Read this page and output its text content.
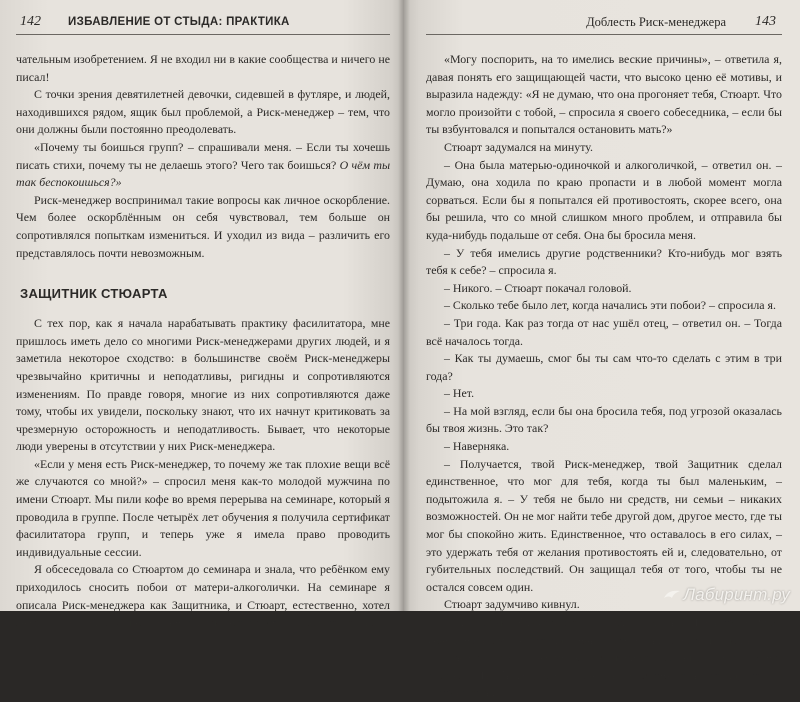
142 ИЗБАВЛЕНИЕ ОТ СТЫДА: ПРАКТИКА

чательным изобретением. Я не входил ни в какие сообщества и ничего не писал!

С точки зрения девятилетней девочки, сидевшей в футляре, и людей, находившихся рядом, ящик был проблемой, а Риск-менеджер – тем, что они должны были постоянно преодолевать.

«Почему ты боишься групп? – спрашивали меня. – Если ты хочешь писать стихи, почему ты не делаешь этого? Чего так боишься? О чём ты так беспокоишься?»

Риск-менеджер воспринимал такие вопросы как личное оскорбление. Чем более оскорблённым он себя чувствовал, тем больше он сопротивлялся попыткам измениться. И уходил из вида – различить его представлялось почти невозможным.

ЗАЩИТНИК СТЮАРТА

С тех пор, как я начала нарабатывать практику фасилитатора, мне пришлось иметь дело со многими Риск-менеджерами других людей, и я заметила некоторое сходство: в большинстве своём Риск-менеджеры чрезвычайно критичны и неподатливы, ригидны и сопротивляются изменениям. По правде говоря, многие из них сопротивляются даже тому, чтобы их увидели, поскольку знают, что их начнут критиковать за чрезмерную осторожность и неподатливость. Бывает, что некоторые люди уверены в отсутствии у них Риск-менеджера.

«Если у меня есть Риск-менеджер, то почему же так плохие вещи всё же случаются со мной?» – спросил меня как-то молодой мужчина по имени Стюарт. Мы пили кофе во время перерыва на семинаре, который я проводила в группе. После четырёх лет обучения я получила сертификат фасилитатора групп, и теперь уже я имела право проводить индивидуальные сессии.

Я обсеседовала со Стюартом до семинара и знала, что ребёнком ему приходилось сносить побои от матери-алкоголички. На семинаре я описала Риск-менеджера как Защитника, и Стюарт, естественно, хотел знать, почему Риск-менеджер не защитил его от материнских тумаков.

Доблесть Риск-менеджера 143

«Могу поспорить, на то имелись веские причины», – ответила я, давая понять его защищающей части, что высоко ценю её мотивы, и выразила надежду: «Я не думаю, что она прогоняет тебя, Стюарт. Что могло произойти с тобой, – спросила я своего собеседника, – если бы ты взбунтовался и попытался остановить мать?»

Стюарт задумался на минуту.

– Она была матерью-одиночкой и алкоголичкой, – ответил он. – Думаю, она ходила по краю пропасти и в любой момент могла сорваться. Если бы я попытался ей противостоять, скорее всего, она бы решила, что со мной слишком много проблем, и отправила бы куда-нибудь подальше от себя. Она бы бросила меня.

– У тебя имелись другие родственники? Кто-нибудь мог взять тебя к себе? – спросила я.

– Никого. – Стюарт покачал головой.

– Сколько тебе было лет, когда начались эти побои? – спросила я.

– Три года. Как раз тогда от нас ушёл отец, – ответил он. – Тогда всё началось тогда.

– Как ты думаешь, смог бы ты сам что-то сделать с этим в три года?

– Нет.

– На мой взгляд, если бы она бросила тебя, под угрозой оказалась бы твоя жизнь. Это так?

– Наверняка.

– Получается, твой Риск-менеджер, твой Защитник сделал единственное, что мог для тебя, когда ты был маленьким, – подытожила я. – У тебя не было ни средств, ни семьи – никаких возможностей. Он не мог найти тебе другой дом, другое место, где ты мог бы спокойно жить. Единственное, что оставалось в его силах, – это удержать тебя от желания противостоять ей и, следовательно, от губительных последствий. Он защищал тебя от того, чтобы ты не остался совсем один.

Стюарт задумчиво кивнул.

– Попробуй обдумать это, – предложила я. – Ведь твой Риск-менеджер, возможно, тогда очень постарался и спас твою жизнь.

Стюарт взглянул на меня, и я увидела бездонную печаль в его глазах. – Ты была уверена? он стыдился тех годы, тогда, что не противостоял

Лабиринт.ру
